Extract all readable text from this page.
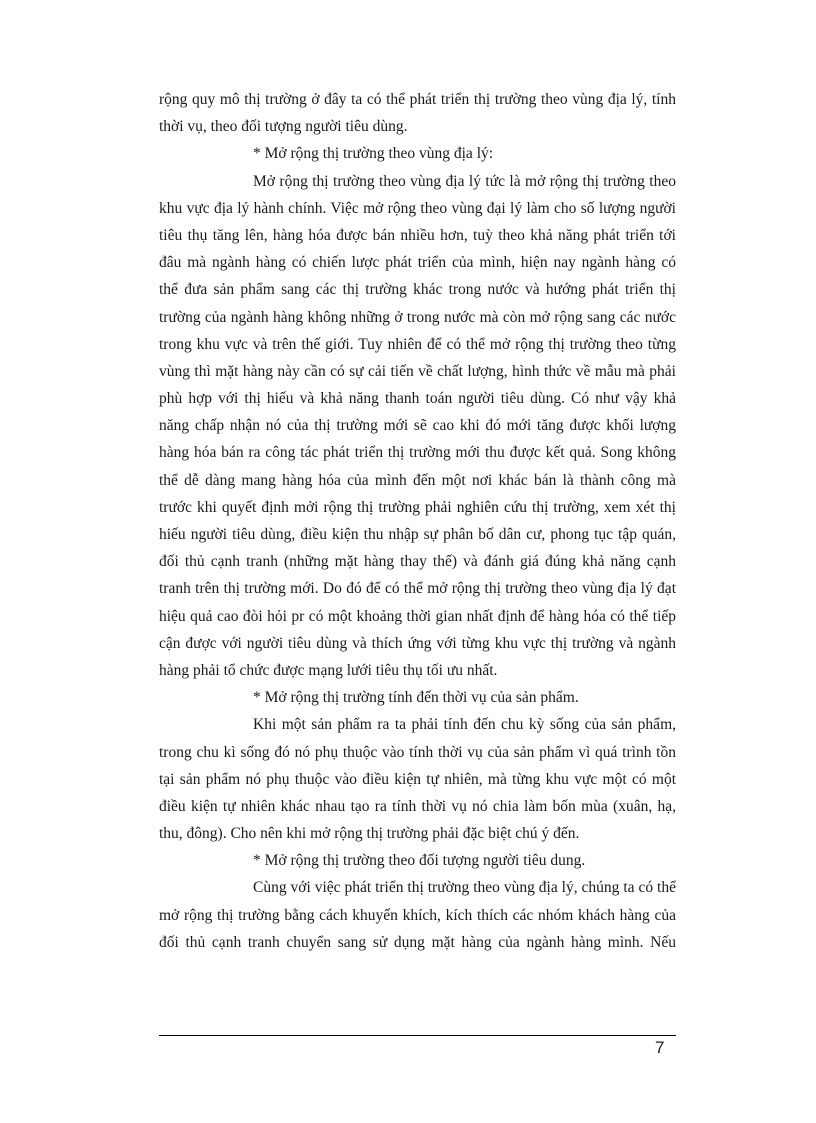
rộng quy mô thị trường ở đây ta có thể phát triển thị trường theo vùng địa lý, tính
thời vụ, theo đối tượng người tiêu dùng.
* Mở rộng thị trường theo vùng địa lý:
Mở rộng thị trường theo vùng địa lý tức là mở rộng thị trường theo
khu vực địa lý hành chính. Việc mở rộng theo vùng đại lý làm cho số lượng người
tiêu thụ tăng lên, hàng hóa được bán nhiều hơn, tuỳ theo khả năng phát triển tới
đâu mà ngành hàng có chiến lược phát triển của mình, hiện nay ngành hàng có
thể đưa sản phẩm sang các thị trường khác trong nước và hướng phát triển thị
trường của ngành hàng không những ở trong nước mà còn mở rộng sang các nước
trong khu vực và trên thế giới. Tuy nhiên để có thể mở rộng thị trường theo từng
vùng thì mặt hàng này cần có sự cải tiến về chất lượng, hình thức về mẫu mà phải
phù hợp với thị hiếu và khả năng thanh toán người tiêu dùng. Có như vậy khả
năng chấp nhận nó của thị trường mới sẽ cao khi đó mới tăng được khối lượng
hàng hóa bán ra công tác phát triển thị trường mới thu được kết quả. Song không
thể dễ dàng mang hàng hóa của mình đến một nơi khác bán là thành công mà
trước khi quyết định mởi rộng thị trường phải nghiên cứu thị trường, xem xét thị
hiếu người tiêu dùng, điều kiện thu nhập sự phân bố dân cư, phong tục tập quán,
đối thủ cạnh tranh (những mặt hàng thay thế) và đánh giá đúng khả năng cạnh
tranh trên thị trường mới. Do đó để có thể mở rộng thị trường theo vùng địa lý đạt
hiệu quả cao đòi hỏi pr có một khoảng thời gian nhất định để hàng hóa có thể tiếp
cận được với người tiêu dùng và thích ứng với từng khu vực thị trường và ngành
hàng phải tổ chức được mạng lưới tiêu thụ tối ưu nhất.
* Mở rộng thị trường tính đến thời vụ của sản phẩm.
Khi một sản phẩm ra ta phải tính đến chu kỳ sống của sản phẩm,
trong chu kì sống đó nó phụ thuộc vào tính thời vụ của sản phẩm vì quá trình tồn
tại sản phẩm nó phụ thuộc vào điều kiện tự nhiên, mà từng khu vực một có một
điều kiện tự nhiên khác nhau tạo ra tính thời vụ nó chia làm bốn mùa (xuân, hạ,
thu, đông). Cho nên khi mở rộng thị trường phải đặc biệt chú ý đến.
* Mở rộng thị trường theo đối tượng người tiêu dung.
Cùng với việc phát triển thị trường theo vùng địa lý, chúng ta có thể
mở rộng thị trường bằng cách khuyến khích, kích thích các nhóm khách hàng của
đối thủ cạnh tranh chuyển sang sử dụng mặt hàng của ngành hàng mình. Nếu
7
